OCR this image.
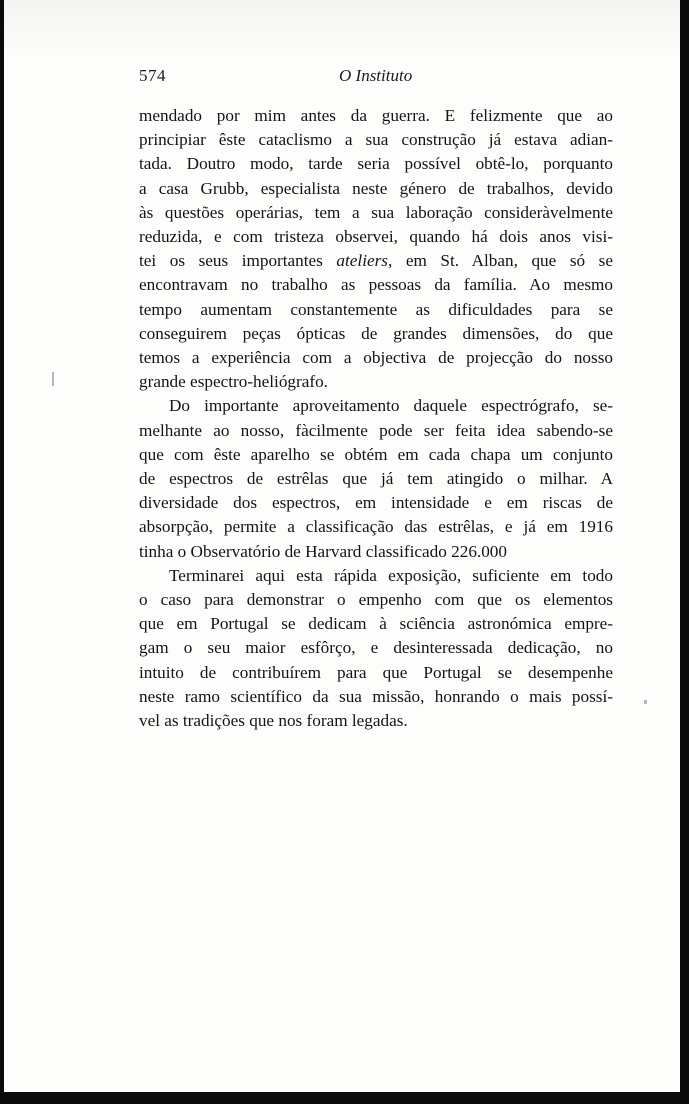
574	O Instituto

mendado por mim antes da guerra. E felizmente que ao
principiar êste cataclismo a sua construção já estava adian-
tada. Doutro modo, tarde seria possível obtê-lo, porquanto
a casa Grubb, especialista neste género de trabalhos, devido
às questões operárias, tem a sua laboração consideràvelmente
reduzida, e com tristeza observei, quando há dois anos visi-
tei os seus importantes ateliers, em St. Alban, que só se
encontravam no trabalho as pessoas da família. Ao mesmo
tempo aumentam constantemente as dificuldades para se
conseguirem peças ópticas de grandes dimensões, do que
temos a experiência com a objectiva de projecção do nosso
grande espectro-heliógrafo.

Do importante aproveitamento daquele espectrógrafo, se-
melhante ao nosso, fàcilmente pode ser feita idea sabendo-se
que com êste aparelho se obtém em cada chapa um conjunto
de espectros de estrêlas que já tem atingido o milhar. A
diversidade dos espectros, em intensidade e em riscas de
absorpção, permite a classificação das estrêlas, e já em 1916
tinha o Observatório de Harvard classificado 226.000

Terminarei aqui esta rápida exposição, suficiente em todo
o caso para demonstrar o empenho com que os elementos
que em Portugal se dedicam à sciência astronómica empre-
gam o seu maior esfôrço, e desinteressada dedicação, no
intuito de contribuírem para que Portugal se desempenhe
neste ramo scientífico da sua missão, honrando o mais possí-
vel as tradições que nos foram legadas.
